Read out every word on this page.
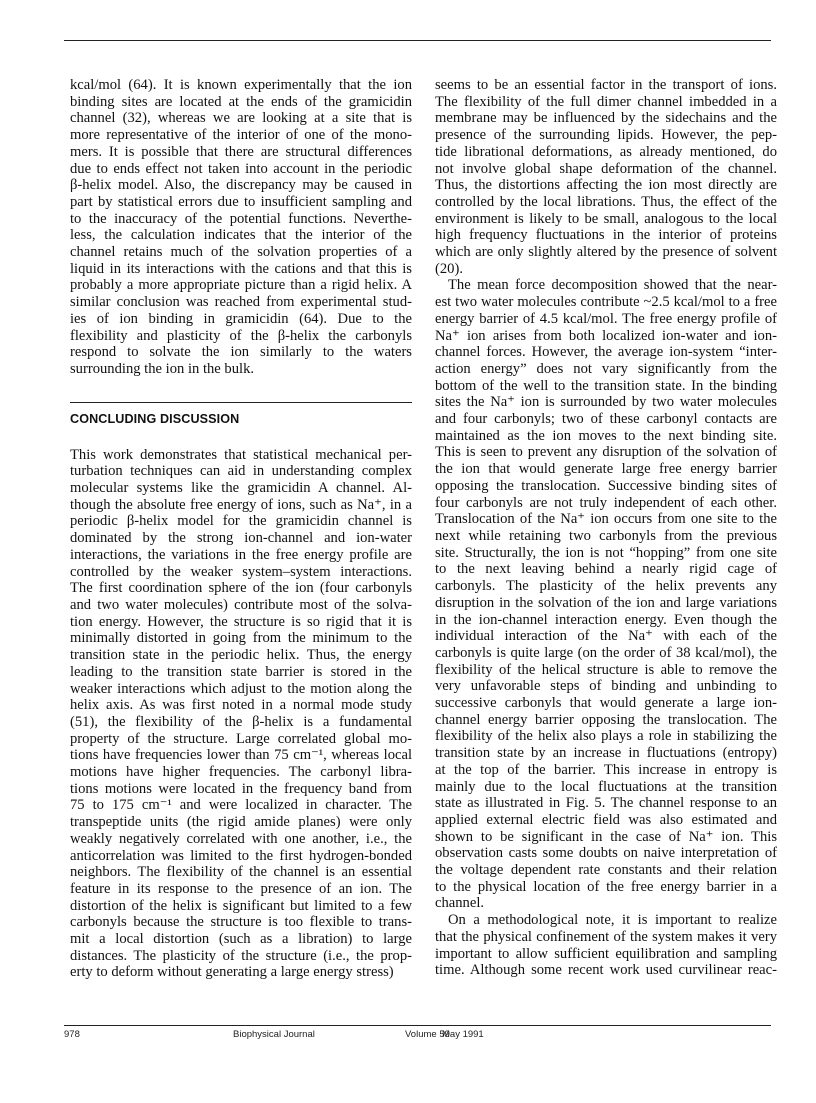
kcal/mol (64). It is known experimentally that the ion
binding sites are located at the ends of the gramicidin
channel (32), whereas we are looking at a site that is
more representative of the interior of one of the mono-
mers. It is possible that there are structural differences
due to ends effect not taken into account in the periodic
β-helix model. Also, the discrepancy may be caused in
part by statistical errors due to insufficient sampling and
to the inaccuracy of the potential functions. Neverthe-
less, the calculation indicates that the interior of the
channel retains much of the solvation properties of a
liquid in its interactions with the cations and that this is
probably a more appropriate picture than a rigid helix. A
similar conclusion was reached from experimental stud-
ies of ion binding in gramicidin (64). Due to the
flexibility and plasticity of the β-helix the carbonyls
respond to solvate the ion similarly to the waters
surrounding the ion in the bulk.

CONCLUDING DISCUSSION

This work demonstrates that statistical mechanical per-
turbation techniques can aid in understanding complex
molecular systems like the gramicidin A channel. Al-
though the absolute free energy of ions, such as Na⁺, in a
periodic β-helix model for the gramicidin channel is
dominated by the strong ion-channel and ion-water
interactions, the variations in the free energy profile are
controlled by the weaker system–system interactions.
The first coordination sphere of the ion (four carbonyls
and two water molecules) contribute most of the solva-
tion energy. However, the structure is so rigid that it is
minimally distorted in going from the minimum to the
transition state in the periodic helix. Thus, the energy
leading to the transition state barrier is stored in the
weaker interactions which adjust to the motion along the
helix axis. As was first noted in a normal mode study
(51), the flexibility of the β-helix is a fundamental
property of the structure. Large correlated global mo-
tions have frequencies lower than 75 cm⁻¹, whereas local
motions have higher frequencies. The carbonyl libra-
tions motions were located in the frequency band from
75 to 175 cm⁻¹ and were localized in character. The
transpeptide units (the rigid amide planes) were only
weakly negatively correlated with one another, i.e., the
anticorrelation was limited to the first hydrogen-bonded
neighbors. The flexibility of the channel is an essential
feature in its response to the presence of an ion. The
distortion of the helix is significant but limited to a few
carbonyls because the structure is too flexible to trans-
mit a local distortion (such as a libration) to large
distances. The plasticity of the structure (i.e., the prop-
erty to deform without generating a large energy stress)

seems to be an essential factor in the transport of ions.
The flexibility of the full dimer channel imbedded in a
membrane may be influenced by the sidechains and the
presence of the surrounding lipids. However, the pep-
tide librational deformations, as already mentioned, do
not involve global shape deformation of the channel.
Thus, the distortions affecting the ion most directly are
controlled by the local librations. Thus, the effect of the
environment is likely to be small, analogous to the local
high frequency fluctuations in the interior of proteins
which are only slightly altered by the presence of solvent
(20).

The mean force decomposition showed that the near-
est two water molecules contribute ~2.5 kcal/mol to a free
energy barrier of 4.5 kcal/mol. The free energy profile of
Na⁺ ion arises from both localized ion-water and ion-
channel forces. However, the average ion-system “inter-
action energy” does not vary significantly from the
bottom of the well to the transition state. In the binding
sites the Na⁺ ion is surrounded by two water molecules
and four carbonyls; two of these carbonyl contacts are
maintained as the ion moves to the next binding site.
This is seen to prevent any disruption of the solvation of
the ion that would generate large free energy barrier
opposing the translocation. Successive binding sites of
four carbonyls are not truly independent of each other.
Translocation of the Na⁺ ion occurs from one site to the
next while retaining two carbonyls from the previous
site. Structurally, the ion is not “hopping” from one site
to the next leaving behind a nearly rigid cage of
carbonyls. The plasticity of the helix prevents any
disruption in the solvation of the ion and large variations
in the ion-channel interaction energy. Even though the
individual interaction of the Na⁺ with each of the
carbonyls is quite large (on the order of 38 kcal/mol), the
flexibility of the helical structure is able to remove the
very unfavorable steps of binding and unbinding to
successive carbonyls that would generate a large ion-
channel energy barrier opposing the translocation. The
flexibility of the helix also plays a role in stabilizing the
transition state by an increase in fluctuations (entropy)
at the top of the barrier. This increase in entropy is
mainly due to the local fluctuations at the transition
state as illustrated in Fig. 5. The channel response to an
applied external electric field was also estimated and
shown to be significant in the case of Na⁺ ion. This
observation casts some doubts on naive interpretation of
the voltage dependent rate constants and their relation
to the physical location of the free energy barrier in a
channel.

On a methodological note, it is important to realize
that the physical confinement of the system makes it very
important to allow sufficient equilibration and sampling
time. Although some recent work used curvilinear reac-

978	Biophysical Journal	Volume 59
May 1991
